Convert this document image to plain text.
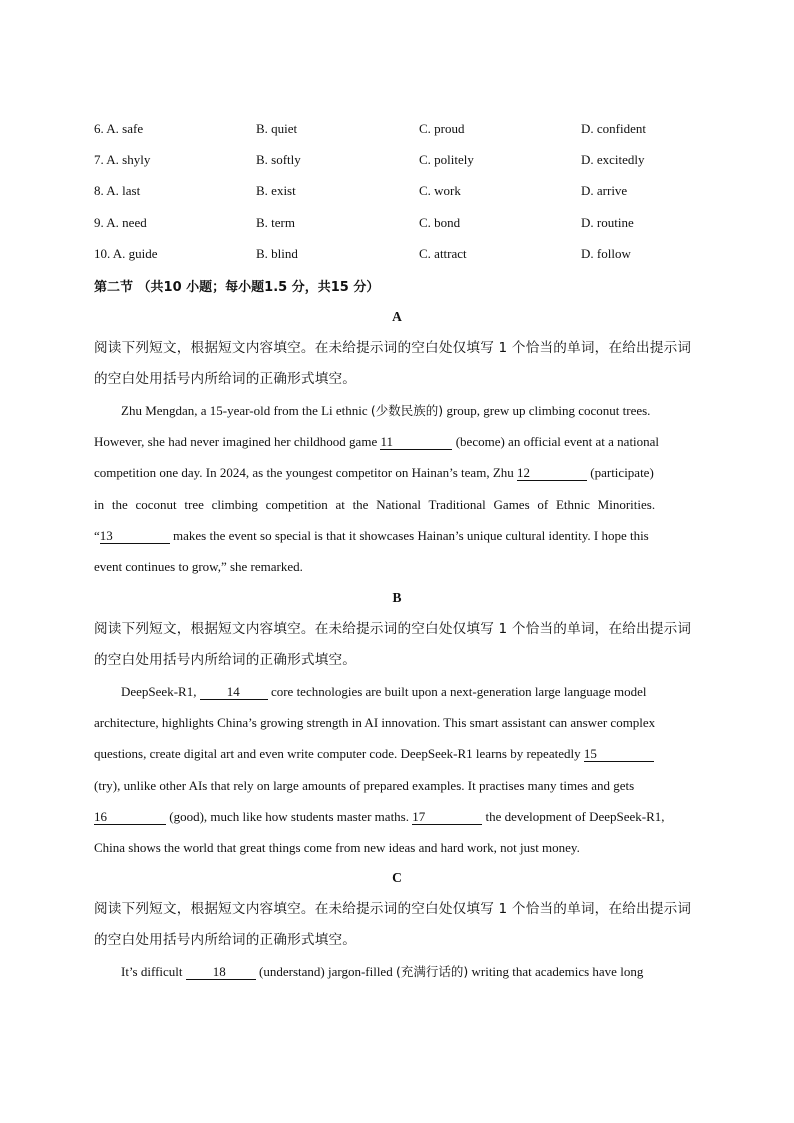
6. A. safe	B. quiet	C. proud	D. confident
7. A. shyly	B. softly	C. politely	D. excitedly
8. A. last	B. exist	C. work	D. arrive
9. A. need	B. term	C. bond	D. routine
10. A. guide	B. blind	C. attract	D. follow
第二节 （共10 小题；每小题1.5 分，共15 分）
A
阅读下列短文，根据短文内容填空。在未给提示词的空白处仅填写 1 个恰当的单词，在给出提示词
的空白处用括号内所给词的正确形式填空。
Zhu Mengdan, a 15-year-old from the Li ethnic (少数民族的) group, grew up climbing coconut trees.
However, she had never imagined her childhood game 11	(become) an official event at a national
competition one day. In 2024, as the youngest competitor on Hainan’s team, Zhu 12	(participate)
in the coconut tree climbing competition at the National Traditional Games of Ethnic Minorities.
“13	makes the event so special is that it showcases Hainan’s unique cultural identity. I hope this
event continues to grow,” she remarked.
B
阅读下列短文，根据短文内容填空。在未给提示词的空白处仅填写 1 个恰当的单词，在给出提示词
的空白处用括号内所给词的正确形式填空。
DeepSeek-R1, 14 core technologies are built upon a next-generation large language model
architecture, highlights China’s growing strength in AI innovation. This smart assistant can answer complex
questions, create digital art and even write computer code. DeepSeek-R1 learns by repeatedly 15
(try), unlike other AIs that rely on large amounts of prepared examples. It practises many times and gets
16	(good), much like how students master maths. 17	the development of DeepSeek-R1,
China shows the world that great things come from new ideas and hard work, not just money.
C
阅读下列短文，根据短文内容填空。在未给提示词的空白处仅填写 1 个恰当的单词，在给出提示词
的空白处用括号内所给词的正确形式填空。
It’s difficult 18 (understand) jargon-filled (充满行话的) writing that academics have long
